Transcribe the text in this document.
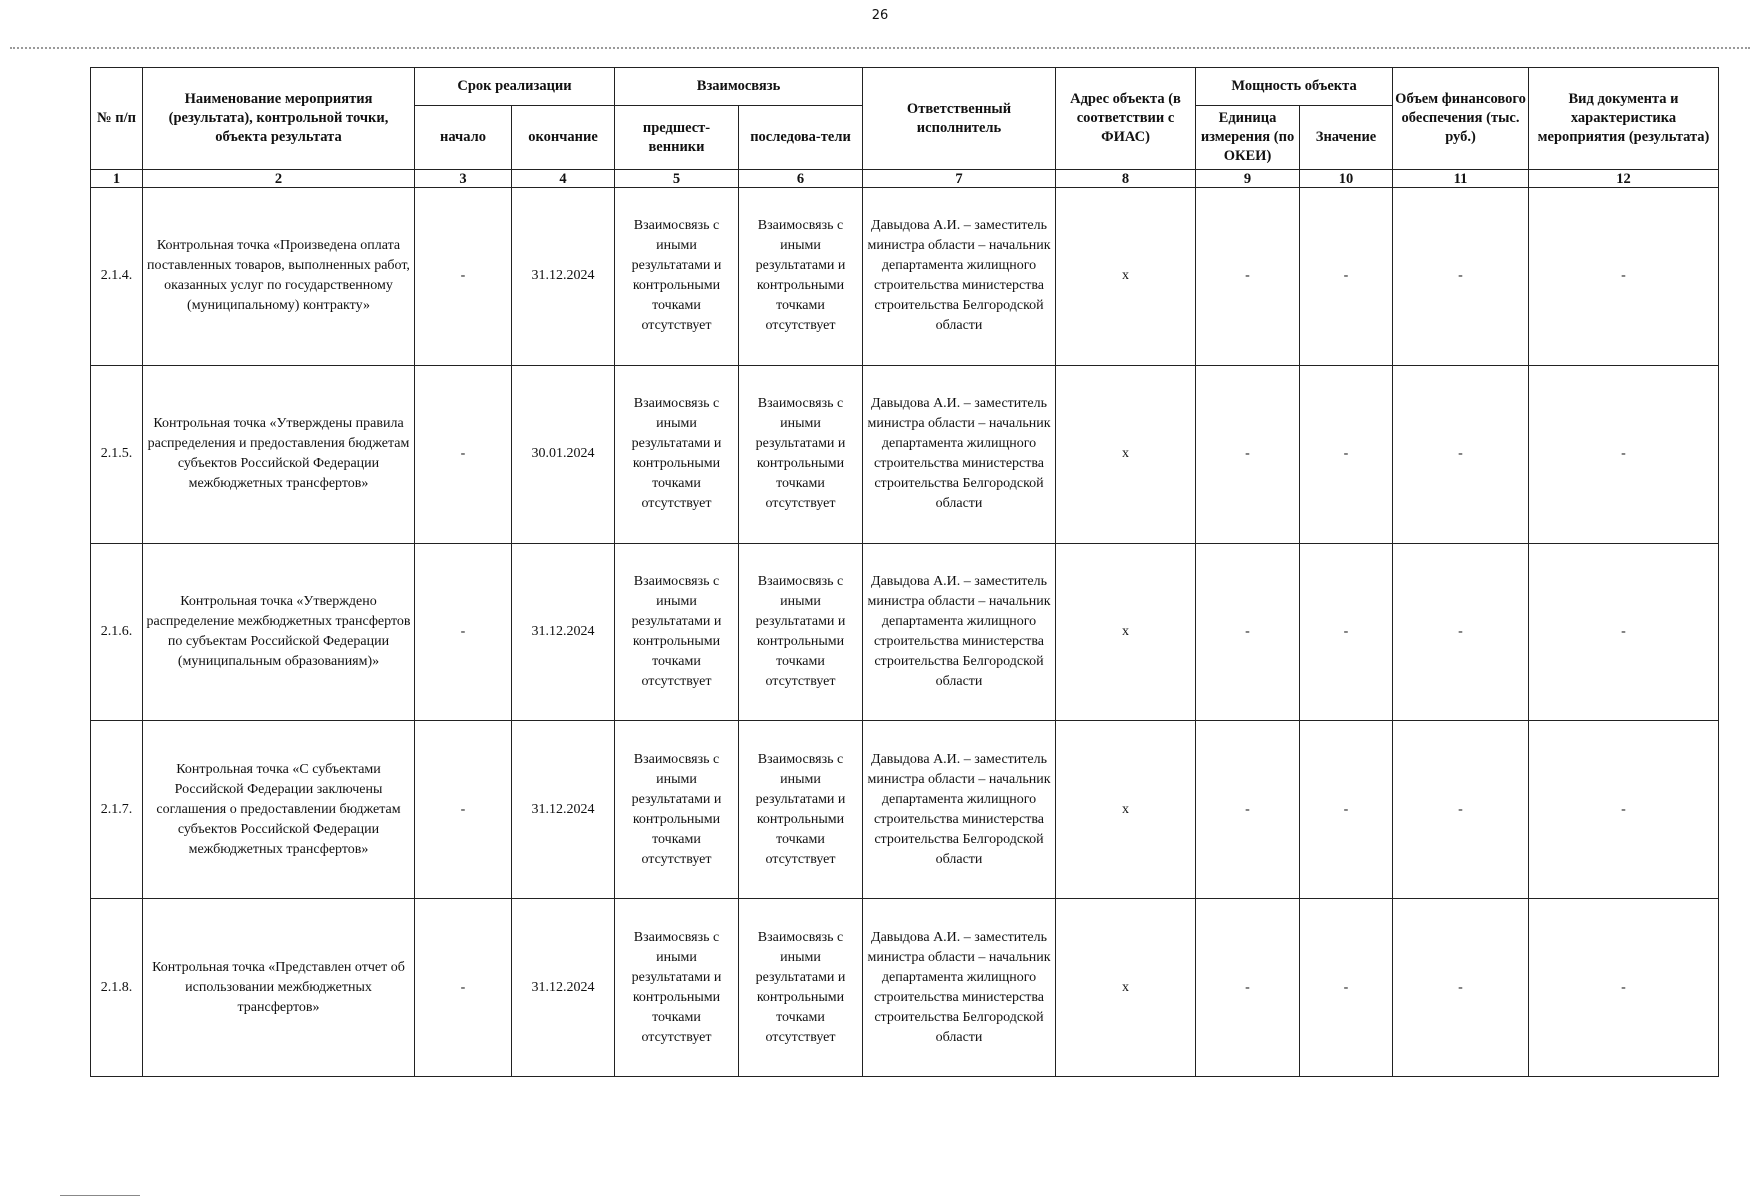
26
№ п/п	Наименование мероприятия (результата), контрольной точки, объекта результата	Срок реализации		Взаимосвязь		Ответственный исполнитель	Адрес объекта (в соответствии с ФИАС)	Мощность объекта		Объем финансового обеспечения (тыс. руб.)	Вид документа и характеристика мероприятия (результата)
		начало	окончание	предшест-венники	последова-тели			Единица измерения (по ОКЕИ)	Значение		
1	2	3	4	5	6	7	8	9	10	11	12
2.1.4.	Контрольная точка «Произведена оплата поставленных товаров, выполненных работ, оказанных услуг по государственному (муниципальному) контракту»	-	31.12.2024	Взаимосвязь с иными результатами и контрольными точками отсутствует	Взаимосвязь с иными результатами и контрольными точками отсутствует	Давыдова А.И. – заместитель министра области – начальник департамента жилищного строительства министерства строительства Белгородской области	х	-	-	-	-
2.1.5.	Контрольная точка «Утверждены правила распределения и предоставления бюджетам субъектов Российской Федерации межбюджетных трансфертов»	-	30.01.2024	Взаимосвязь с иными результатами и контрольными точками отсутствует	Взаимосвязь с иными результатами и контрольными точками отсутствует	Давыдова А.И. – заместитель министра области – начальник департамента жилищного строительства министерства строительства Белгородской области	х	-	-	-	-
2.1.6.	Контрольная точка «Утверждено распределение межбюджетных трансфертов по субъектам Российской Федерации (муниципальным образованиям)»	-	31.12.2024	Взаимосвязь с иными результатами и контрольными точками отсутствует	Взаимосвязь с иными результатами и контрольными точками отсутствует	Давыдова А.И. – заместитель министра области – начальник департамента жилищного строительства министерства строительства Белгородской области	х	-	-	-	-
2.1.7.	Контрольная точка «С субъектами Российской Федерации заключены соглашения о предоставлении бюджетам субъектов Российской Федерации межбюджетных трансфертов»	-	31.12.2024	Взаимосвязь с иными результатами и контрольными точками отсутствует	Взаимосвязь с иными результатами и контрольными точками отсутствует	Давыдова А.И. – заместитель министра области – начальник департамента жилищного строительства министерства строительства Белгородской области	х	-	-	-	-
2.1.8.	Контрольная точка «Представлен отчет об использовании межбюджетных трансфертов»	-	31.12.2024	Взаимосвязь с иными результатами и контрольными точками отсутствует	Взаимосвязь с иными результатами и контрольными точками отсутствует	Давыдова А.И. – заместитель министра области – начальник департамента жилищного строительства министерства строительства Белгородской области	х	-	-	-	-
